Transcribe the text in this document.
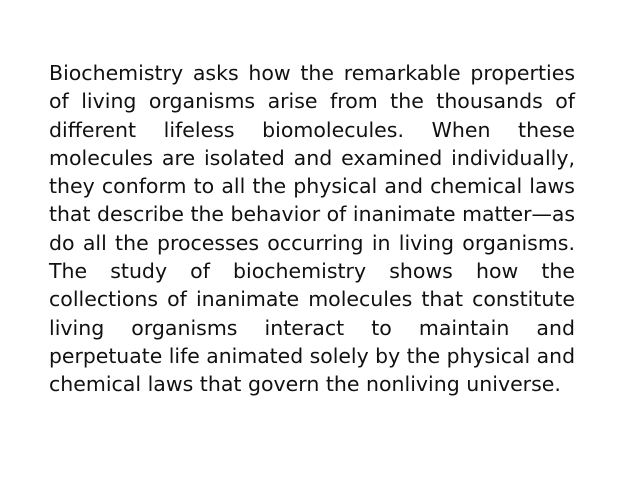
Biochemistry asks how the remarkable properties
of living organisms arise from the thousands of
different lifeless biomolecules. When these
molecules are isolated and examined individually,
they conform to all the physical and chemical laws
that describe the behavior of inanimate matter—as
do all the processes occurring in living organisms.
The study of biochemistry shows how the
collections of inanimate molecules that constitute
living organisms interact to maintain and
perpetuate life animated solely by the physical and
chemical laws that govern the nonliving universe.
